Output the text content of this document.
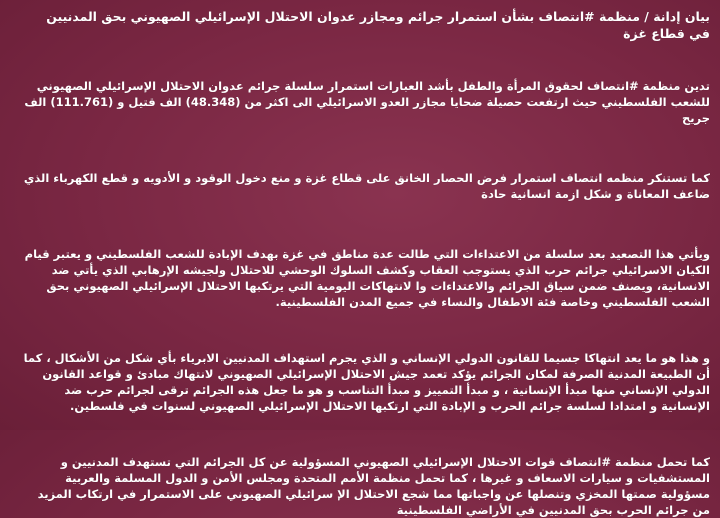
بيان إدانة / منظمة #انتصاف بشأن استمرار جرائم ومجازر عدوان الاحتلال الإسرائيلي الصهيوني بحق المدنيين في قطاع غزة

تدين منظمة #انتصاف لحقوق المرأة والطفل بأشد العبارات استمرار سلسلة جرائم عدوان الاحتلال الإسرائيلي الصهيوني للشعب الفلسطيني حيث ارتفعت حصيلة ضحايا مجازر العدو الاسرائيلي الى اكثر من (48.348) الف قتيل و (111.761) الف جريح

كما تستنكر منظمه انتصاف استمرار فرض الحصار الخانق على قطاع غزة و منع دخول الوقود و الأدويه و قطع الكهرباء الذي ضاعف المعاناة و شكل ازمة انسانية حادة

ويأتي هذا التصعيد بعد سلسلة من الاعتداءات التي طالت عدة مناطق في غزة بهدف الإبادة للشعب الفلسطيني و يعتبر قيام الكيان الاسرائيلي جرائم حرب الذي يستوجب العقاب وكشف السلوك الوحشي للاحتلال ولجيشه الإرهابي الذي يأتي ضد الانسانية، ويصنف ضمن سياق الجرائم والاعتداءات وا لانتهاكات اليومية التي يرتكبها الاحتلال الإسرائيلي الصهيوني بحق الشعب الفلسطيني وخاصة فئة الاطفال والنساء في جميع المدن الفلسطينية.

و هذا هو ما يعد انتهاكا جسيما للقانون الدولي الإنساني و الذي يجرم استهداف المدنيين الابرياء بأي شكل من الأشكال ، كما أن الطبيعة المدنية الصرفة لمكان الجرائم يؤكد تعمد جيش الاحتلال الإسرائيلي الصهيوني لانتهاك مبادئ و قواعد القانون الدولي الإنساني منها مبدأ الإنسانية ، و مبدأ التمييز و مبدأ التناسب و هو ما جعل هذه الجرائم ترقى لجرائم حرب ضد الإنسانية و امتدادا لسلسة جرائم الحرب و الإبادة التي ارتكبها الاحتلال الإسرائيلي الصهيوني لسنوات في فلسطين.

كما تحمل منظمة #انتصاف قوات الاحتلال الإسرائيلي الصهيوني المسؤولية عن كل الجرائم التي تستهدف المدنيين و المستشفيات و سيارات الاسعاف و غيرها ، كما تحمل منظمة الأمم المتحدة ومجلس الأمن و الدول المسلمة والعربية مسؤولية صمتها المخزي وتنصلها عن واجباتها مما شجع الاحتلال الإ سرائيلي الصهيوني على الاستمرار في ارتكاب المزيد من جرائم الحرب بحق المدنيين في الأراضي الفلسطينية
